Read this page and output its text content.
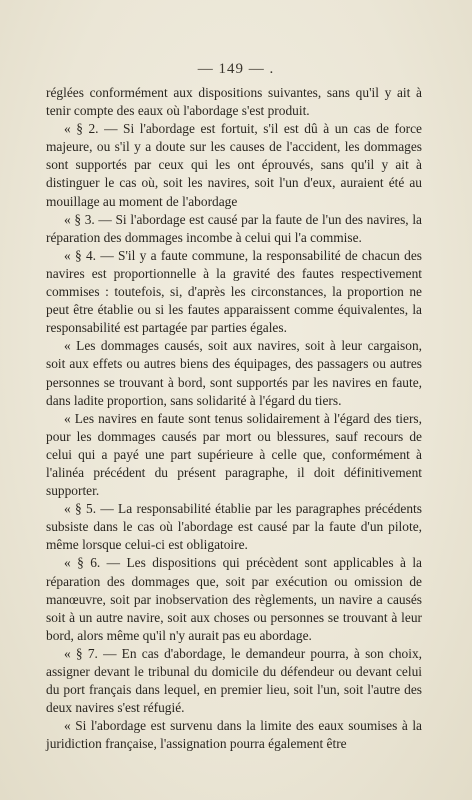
— 149 — .

réglées conformément aux dispositions suivantes, sans qu'il y ait à tenir compte des eaux où l'abordage s'est produit.

« § 2. — Si l'abordage est fortuit, s'il est dû à un cas de force majeure, ou s'il y a doute sur les causes de l'accident, les dommages sont supportés par ceux qui les ont éprouvés, sans qu'il y ait à distinguer le cas où, soit les navires, soit l'un d'eux, auraient été au mouillage au moment de l'abordage

« § 3. — Si l'abordage est causé par la faute de l'un des navires, la réparation des dommages incombe à celui qui l'a commise.

« § 4. — S'il y a faute commune, la responsabilité de chacun des navires est proportionnelle à la gravité des fautes respectivement commises : toutefois, si, d'après les circonstances, la proportion ne peut être établie ou si les fautes apparaissent comme équivalentes, la responsabilité est partagée par parties égales.

« Les dommages causés, soit aux navires, soit à leur cargaison, soit aux effets ou autres biens des équipages, des passagers ou autres personnes se trouvant à bord, sont supportés par les navires en faute, dans ladite proportion, sans solidarité à l'égard du tiers.

« Les navires en faute sont tenus solidairement à l'égard des tiers, pour les dommages causés par mort ou blessures, sauf recours de celui qui a payé une part supérieure à celle que, conformément à l'alinéa précédent du présent paragraphe, il doit définitivement supporter.

« § 5. — La responsabilité établie par les paragraphes précédents subsiste dans le cas où l'abordage est causé par la faute d'un pilote, même lorsque celui-ci est obligatoire.

« § 6. — Les dispositions qui précèdent sont applicables à la réparation des dommages que, soit par exécution ou omission de manœuvre, soit par inobservation des règlements, un navire a causés soit à un autre navire, soit aux choses ou personnes se trouvant à leur bord, alors même qu'il n'y aurait pas eu abordage.

« § 7. — En cas d'abordage, le demandeur pourra, à son choix, assigner devant le tribunal du domicile du défendeur ou devant celui du port français dans lequel, en premier lieu, soit l'un, soit l'autre des deux navires s'est réfugié.

« Si l'abordage est survenu dans la limite des eaux soumises à la juridiction française, l'assignation pourra également être
